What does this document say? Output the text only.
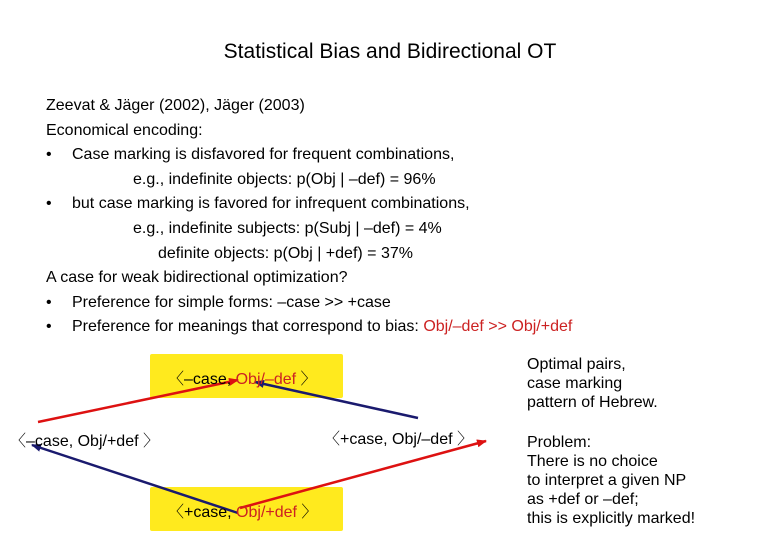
Statistical Bias and Bidirectional OT
Zeevat & Jäger (2002), Jäger (2003)
Economical encoding:
• Case marking is disfavored for frequent combinations,
e.g., indefinite objects: p(Obj | –def) = 96%
• but case marking is favored for infrequent combinations,
e.g., indefinite subjects: p(Subj | –def) = 4%
definite objects: p(Obj | +def) = 37%
A case for weak bidirectional optimization?
• Preference for simple forms: –case >> +case
• Preference for meanings that correspond to bias: Obj/–def >> Obj/+def
〈–case, Obj/–def 〉
〈–case, Obj/+def 〉	〈+case, Obj/–def 〉
〈+case, Obj/+def 〉
Optimal pairs,
case marking
pattern of Hebrew.
Problem:
There is no choice
to interpret a given NP
as +def or –def;
this is explicitly marked!
